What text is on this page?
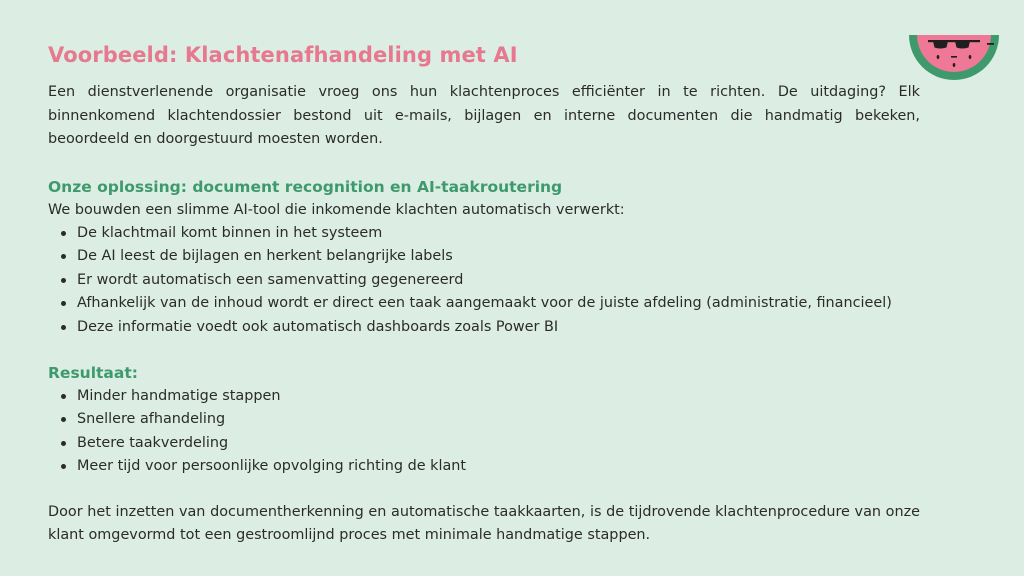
Voorbeeld: Klachtenafhandeling met AI

Een dienstverlenende organisatie vroeg ons hun klachtenproces efficiënter in te richten. De uitdaging? Elk binnenkomend klachtendossier bestond uit e-mails, bijlagen en interne documenten die handmatig bekeken, beoordeeld en doorgestuurd moesten worden.

Onze oplossing: document recognition en AI-taakroutering

We bouwden een slimme AI-tool die inkomende klachten automatisch verwerkt:

De klachtmail komt binnen in het systeem
De AI leest de bijlagen en herkent belangrijke labels
Er wordt automatisch een samenvatting gegenereerd
Afhankelijk van de inhoud wordt er direct een taak aangemaakt voor de juiste afdeling (administratie, financieel)
Deze informatie voedt ook automatisch dashboards zoals Power BI
Resultaat:
Minder handmatige stappen
Snellere afhandeling
Betere taakverdeling
Meer tijd voor persoonlijke opvolging richting de klant

Door het inzetten van documentherkenning en automatische taakkaarten, is de tijdrovende klachtenprocedure van onze klant omgevormd tot een gestroomlijnd proces met minimale handmatige stappen.
